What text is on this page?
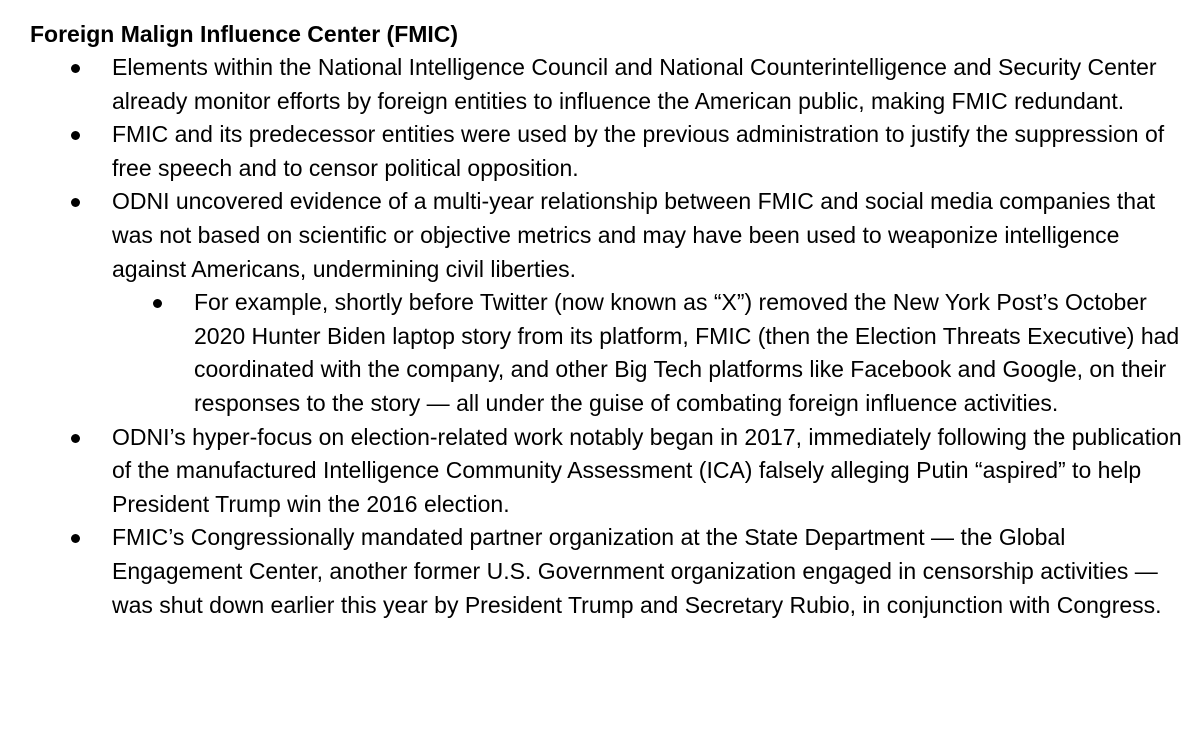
Foreign Malign Influence Center (FMIC)

Elements within the National Intelligence Council and National Counterintelligence and Security Center already monitor efforts by foreign entities to influence the American public, making FMIC redundant.
FMIC and its predecessor entities were used by the previous administration to justify the suppression of free speech and to censor political opposition.
ODNI uncovered evidence of a multi-year relationship between FMIC and social media companies that was not based on scientific or objective metrics and may have been used to weaponize intelligence against Americans, undermining civil liberties.
For example, shortly before Twitter (now known as “X”) removed the New York Post’s October 2020 Hunter Biden laptop story from its platform, FMIC (then the Election Threats Executive) had coordinated with the company, and other Big Tech platforms like Facebook and Google, on their responses to the story — all under the guise of combating foreign influence activities.
ODNI’s hyper-focus on election-related work notably began in 2017, immediately following the publication of the manufactured Intelligence Community Assessment (ICA) falsely alleging Putin “aspired” to help President Trump win the 2016 election.
FMIC’s Congressionally mandated partner organization at the State Department — the Global Engagement Center, another former U.S. Government organization engaged in censorship activities — was shut down earlier this year by President Trump and Secretary Rubio, in conjunction with Congress.
